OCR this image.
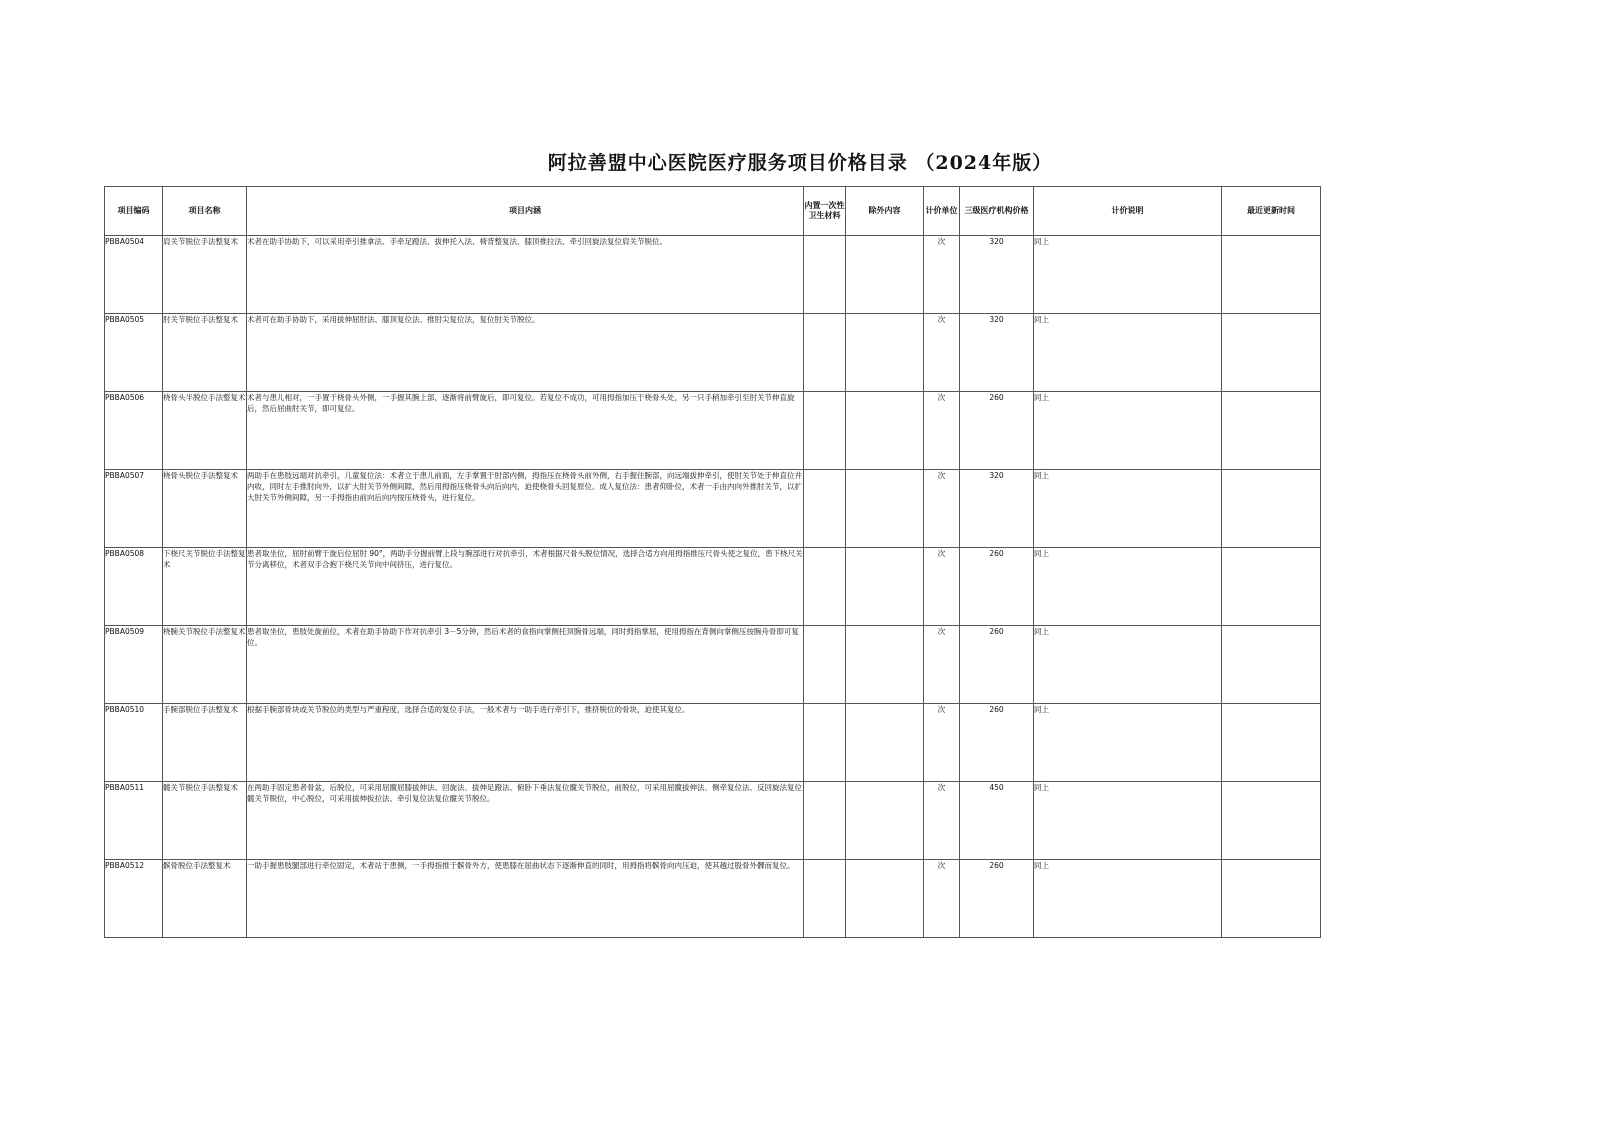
阿拉善盟中心医院医疗服务项目价格目录 （2024年版）
项目编码	项目名称	项目内涵	内置一次性卫生材料	除外内容	计价单位	三级医疗机构价格	计价说明	最近更新时间
PBBA0504	肩关节脱位手法整复术	术者在助手协助下，可以采用牵引推拿法、手牵足蹬法、拔伸托入法、椅背整复法、膝顶推拉法、牵引回旋法复位肩关节脱位。			次	320	同上	
PBBA0505	肘关节脱位手法整复术	术者可在助手协助下，采用拔伸屈肘法、膝顶复位法、推肘尖复位法，复位肘关节脱位。			次	320	同上	
PBBA0506	桡骨头半脱位手法整复术	术者与患儿相对，一手置于桡骨头外侧，一手握其腕上部，逐渐将前臂旋后，即可复位。若复位不成功，可用拇指加压于桡骨头处，另一只手稍加牵引至肘关节伸直旋后，然后屈曲肘关节，即可复位。			次	260	同上	
PBBA0507	桡骨头脱位手法整复术	两助手在患肢远端对抗牵引，儿童复位法：术者立于患儿前面，左手掌置于肘部内侧，拇指压在桡骨头前外侧，右手握住腕部，向远端拔伸牵引，使肘关节处于伸直位并内收，同时左手推肘向外，以扩大肘关节外侧间隙，然后用拇指压桡骨头向后向内，迫使桡骨头回复原位。成人复位法：患者仰卧位，术者一手由内向外推肘关节，以扩大肘关节外侧间隙，另一手拇指由前向后向内按压桡骨头，进行复位。			次	320	同上	
PBBA0508	下桡尺关节脱位手法整复术	患者取坐位，屈肘前臂于旋后位屈肘 90°，两助手分握前臂上段与腕部进行对抗牵引，术者根据尺骨头脱位情况，选择合适方向用拇指推压尺骨头使之复位，患下桡尺关节分离移位，术者双手合抱下桡尺关节向中间挤压，进行复位。			次	260	同上	
PBBA0509	桡腕关节脱位手法整复术	患者取坐位，患肢处旋前位，术者在助手协助下作对抗牵引 3－5分钟，然后术者的食指向掌侧托顶腕骨远端，同时拇指掌屈，使用拇指在背侧向掌侧压按腕舟骨即可复位。			次	260	同上	
PBBA0510	手腕部脱位手法整复术	根据手腕部骨块或关节脱位的类型与严重程度，选择合适的复位手法，一般术者与一助手进行牵引下，推挤脱位的骨块，迫使其复位。			次	260	同上	
PBBA0511	髋关节脱位手法整复术	在两助手固定患者骨盆，后脱位，可采用屈髋屈膝拔伸法、回旋法、拔伸足蹬法、俯卧下垂法复位髋关节脱位，前脱位，可采用屈髋拔伸法、侧牵复位法、反回旋法复位髋关节脱位，中心脱位，可采用拔伸扳拉法、牵引复位法复位髋关节脱位。			次	450	同上	
PBBA0512	髌骨脱位手法整复术	一助手握患肢腿部进行牵位固定，术者站于患侧，一手拇指推于髌骨外方，使患膝在屈曲状态下逐渐伸直的同时，用拇指将髌骨向内压迫，使其越过股骨外髁而复位。			次	260	同上	
